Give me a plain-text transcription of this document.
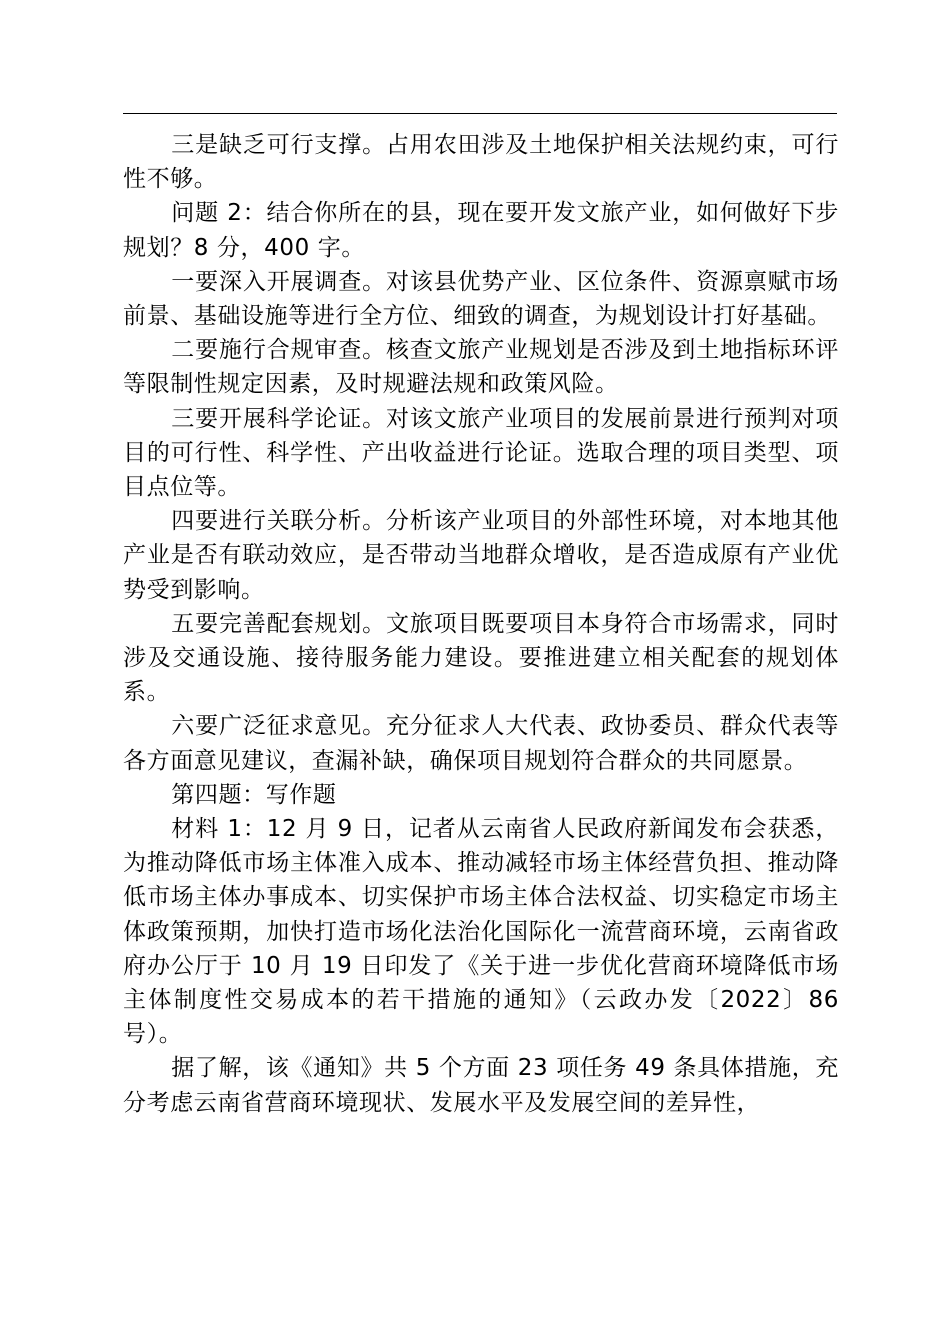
三是缺乏可行支撑。占用农田涉及土地保护相关法规约束，可行性不够。

问题 2：结合你所在的县，现在要开发文旅产业，如何做好下步规划？8 分，400 字。

一要深入开展调查。对该县优势产业、区位条件、资源禀赋市场前景、基础设施等进行全方位、细致的调查，为规划设计打好基础。

二要施行合规审查。核查文旅产业规划是否涉及到土地指标环评等限制性规定因素，及时规避法规和政策风险。

三要开展科学论证。对该文旅产业项目的发展前景进行预判对项目的可行性、科学性、产出收益进行论证。选取合理的项目类型、项目点位等。

四要进行关联分析。分析该产业项目的外部性环境，对本地其他产业是否有联动效应，是否带动当地群众增收，是否造成原有产业优势受到影响。

五要完善配套规划。文旅项目既要项目本身符合市场需求，同时涉及交通设施、接待服务能力建设。要推进建立相关配套的规划体系。

六要广泛征求意见。充分征求人大代表、政协委员、群众代表等各方面意见建议，查漏补缺，确保项目规划符合群众的共同愿景。

第四题：写作题

材料 1：12 月 9 日，记者从云南省人民政府新闻发布会获悉，为推动降低市场主体准入成本、推动减轻市场主体经营负担、推动降低市场主体办事成本、切实保护市场主体合法权益、切实稳定市场主体政策预期，加快打造市场化法治化国际化一流营商环境，云南省政府办公厅于 10 月 19 日印发了《关于进一步优化营商环境降低市场主体制度性交易成本的若干措施的通知》（云政办发〔2022〕86 号）。

据了解，该《通知》共 5 个方面 23 项任务 49 条具体措施，充分考虑云南省营商环境现状、发展水平及发展空间的差异性，
